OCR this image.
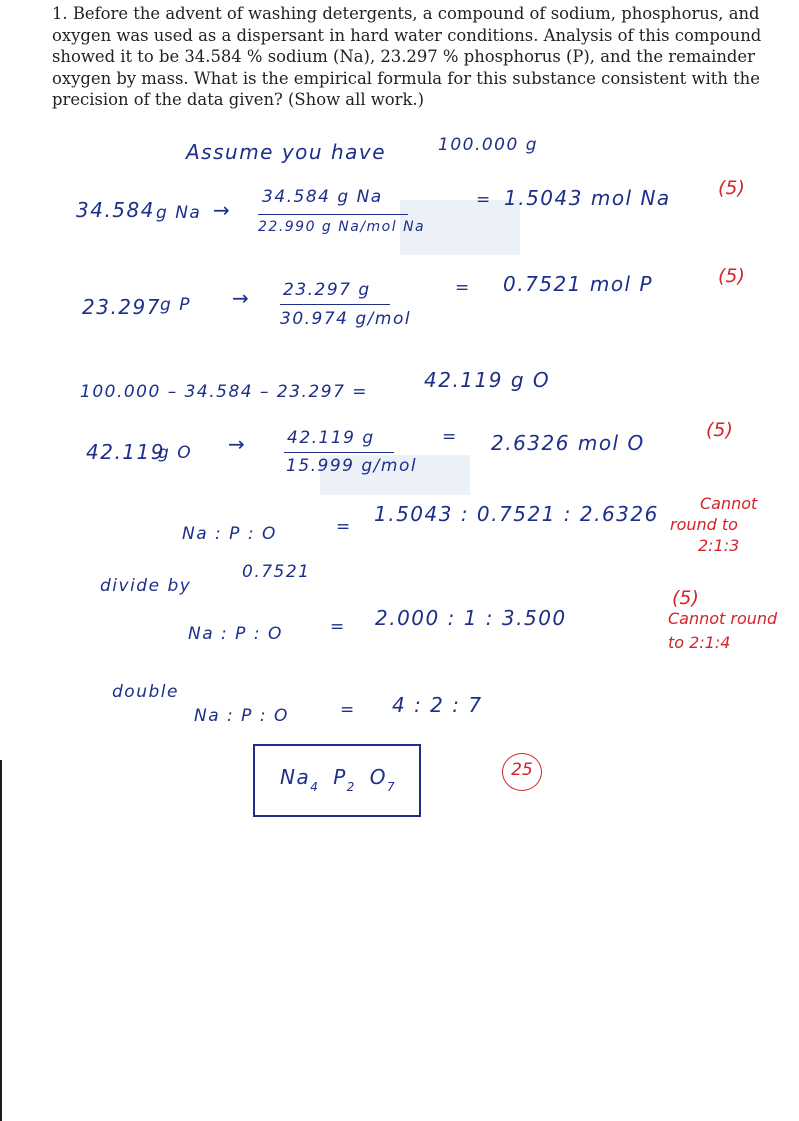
1. Before the advent of washing detergents, a compound of sodium, phosphorus, and
oxygen was used as a dispersant in hard water conditions. Analysis of this compound
showed it to be 34.584 % sodium (Na), 23.297 % phosphorus (P), and the remainder
oxygen by mass. What is the empirical formula for this substance consistent with the
precision of the data given? (Show all work.)
Assume you have	100.000 g
34.584 g Na →
34.584 g Na
22.990 g Na/mol Na
= 1.5043 mol Na (5)
23.297 g P → 23.297 g
30.974 g/mol
= 0.7521 mol P	(5)
100.000 – 34.584 – 23.297 =	42.119 g O
42.119
g O → 42.119 g
15.999 g/mol
= 2.6326 mol O
(5)
Na : P : O	=
1.5043 : 0.7521 : 2.6326	Cannot
round to
2:1:3
divide by
0.7521
Na : P : O	= 2.000 : 1 : 3.500
(5)
Cannot round
to 2:1:4
double
Na : P : O	= 4 : 2 : 7
$Na_4$ $P_2$ $O_7$
25
